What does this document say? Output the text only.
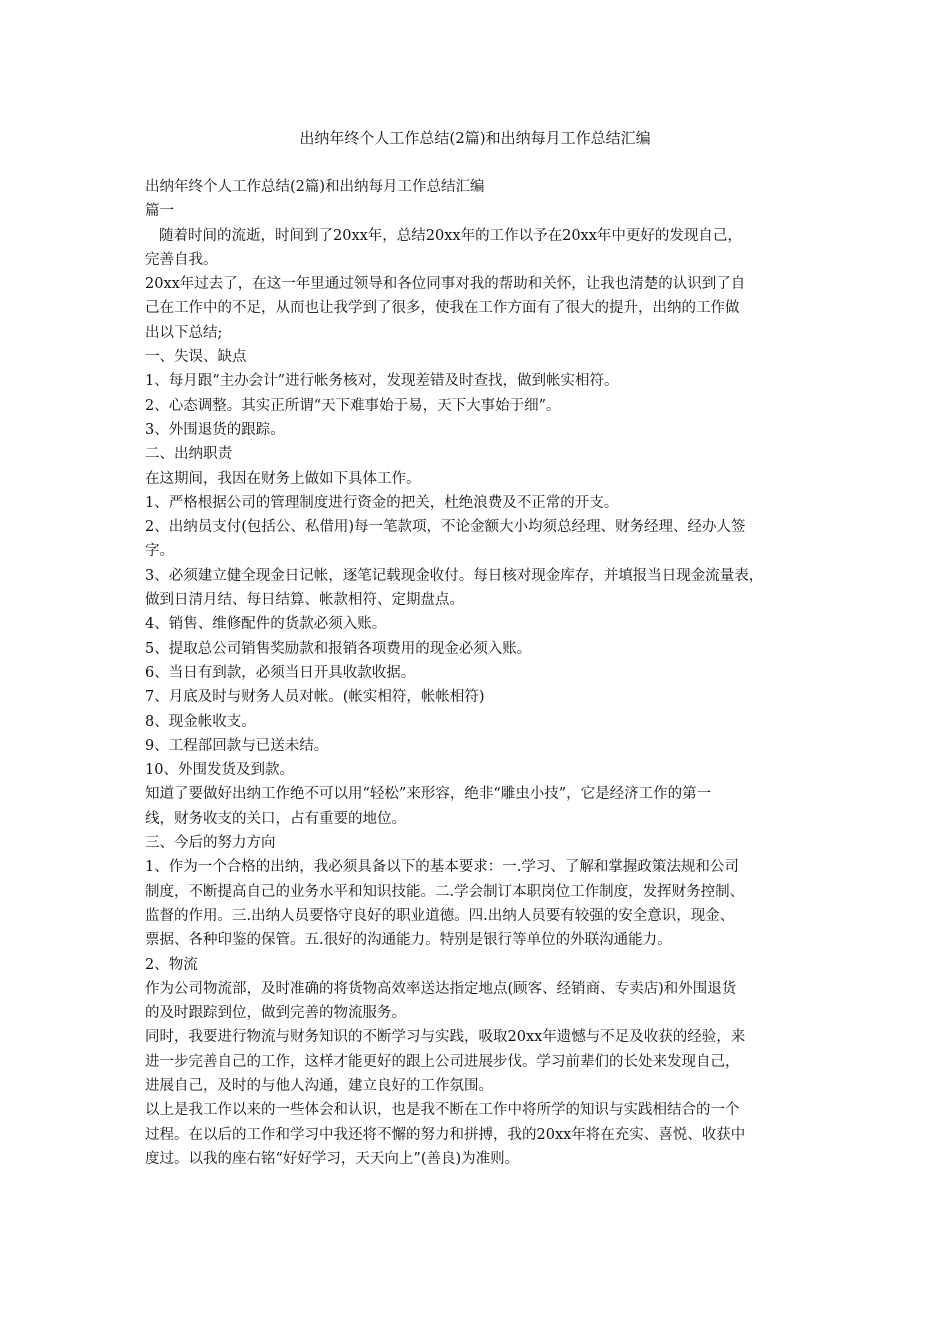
出纳年终个人工作总结(2篇)和出纳每月工作总结汇编
出纳年终个人工作总结(2篇)和出纳每月工作总结汇编
篇一
随着时间的流逝，时间到了20xx年，总结20xx年的工作以予在20xx年中更好的发现自己，
完善自我。
20xx年过去了，在这一年里通过领导和各位同事对我的帮助和关怀，让我也清楚的认识到了自
己在工作中的不足，从而也让我学到了很多，使我在工作方面有了很大的提升，出纳的工作做
出以下总结;
一、失误、缺点
1、每月跟“主办会计”进行帐务核对，发现差错及时查找，做到帐实相符。
2、心态调整。其实正所谓“天下难事始于易，天下大事始于细”。
3、外围退货的跟踪。
二、出纳职责
在这期间，我因在财务上做如下具体工作。
1、严格根据公司的管理制度进行资金的把关，杜绝浪费及不正常的开支。
2、出纳员支付(包括公、私借用)每一笔款项，不论金额大小均须总经理、财务经理、经办人签
字。
3、必须建立健全现金日记帐，逐笔记载现金收付。每日核对现金库存，并填报当日现金流量表，
做到日清月结、每日结算、帐款相符、定期盘点。
4、销售、维修配件的货款必须入账。
5、提取总公司销售奖励款和报销各项费用的现金必须入账。
6、当日有到款，必须当日开具收款收据。
7、月底及时与财务人员对帐。(帐实相符，帐帐相符)
8、现金帐收支。
9、工程部回款与已送未结。
10、外围发货及到款。
知道了要做好出纳工作绝不可以用“轻松”来形容，绝非“雕虫小技”，它是经济工作的第一
线，财务收支的关口，占有重要的地位。
三、今后的努力方向
1、作为一个合格的出纳，我必须具备以下的基本要求：一.学习、了解和掌握政策法规和公司
制度，不断提高自己的业务水平和知识技能。二.学会制订本职岗位工作制度，发挥财务控制、
监督的作用。三.出纳人员要恪守良好的职业道德。四.出纳人员要有较强的安全意识，现金、
票据、各种印鉴的保管。五.很好的沟通能力。特别是银行等单位的外联沟通能力。
2、物流
作为公司物流部，及时准确的将货物高效率送达指定地点(顾客、经销商、专卖店)和外围退货
的及时跟踪到位，做到完善的物流服务。
同时，我要进行物流与财务知识的不断学习与实践，吸取20xx年遗憾与不足及收获的经验，来
进一步完善自己的工作，这样才能更好的跟上公司进展步伐。学习前辈们的长处来发现自己，
进展自己，及时的与他人沟通，建立良好的工作氛围。
以上是我工作以来的一些体会和认识，也是我不断在工作中将所学的知识与实践相结合的一个
过程。在以后的工作和学习中我还将不懈的努力和拼搏，我的20xx年将在充实、喜悦、收获中
度过。以我的座右铭“好好学习，天天向上”(善良)为准则。
